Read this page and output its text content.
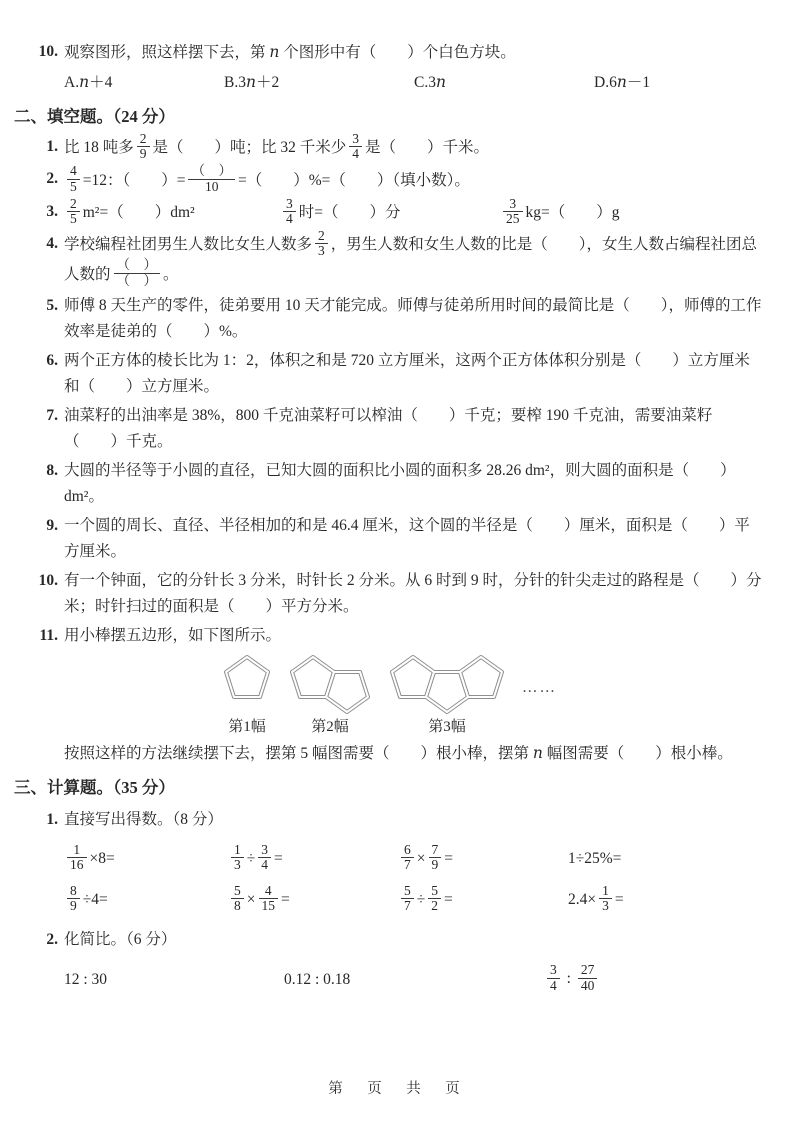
10. 观察图形，照这样摆下去，第 n 个图形中有（　　）个白色方块。

A.n＋4	B.3n＋2	C.3n	D.6n－1
二、填空题。（24 分）

1. 比 18 吨多 $\frac{2}{9}$ 是（　　）吨；比 32 千米少 $\frac{3}{4}$ 是（　　）千米。

2. $\frac{4}{5} =12$：（　　）= $\frac{( )}{10}$ =（　　）%=（　　）（填小数）。

3. $\frac{2}{5} m^2=$（　　）dm²	$\frac{3}{4}$ 时=（　　）分	$\frac{3}{25} kg=$（　　）g

4. 学校编程社团男生人数比女生人数多 $\frac{2}{3}$ ，男生人数和女生人数的比是（　　），女生人数占编程社团总人数的 $\frac{( )}{( )}$ 。

5. 师傅 8 天生产的零件，徒弟要用 10 天才能完成。师傅与徒弟所用时间的最简比是（　　），师傅的工作效率是徒弟的（　　）%。

6. 两个正方体的棱长比为 1：2，体积之和是 720 立方厘米，这两个正方体体积分别是（　　）立方厘米和（　　）立方厘米。

7. 油菜籽的出油率是 38%，800 千克油菜籽可以榨油（　　）千克；要榨 190 千克油，需要油菜籽（　　）千克。

8. 大圆的半径等于小圆的直径，已知大圆的面积比小圆的面积多 28.26 dm²，则大圆的面积是（　　）dm²。

9. 一个圆的周长、直径、半径相加的和是 46.4 厘米，这个圆的半径是（　　）厘米，面积是（　　）平方厘米。

10. 有一个钟面，它的分针长 3 分米，时针长 2 分米。从 6 时到 9 时，分针的针尖走过的路程是（　　）分米；时针扫过的面积是（　　）平方分米。

11. 用小棒摆五边形，如下图所示。

第1幅	第2幅	第3幅
……

按照这样的方法继续摆下去，摆第 5 幅图需要（　　）根小棒，摆第 n 幅图需要（　　）根小棒。

三、计算题。（35 分）

1. 直接写出得数。（8 分）

$\frac{1}{16} \times 8=$	$\frac{1}{3} \div \frac{3}{4}$ =	$\frac{6}{7} \times \frac{7}{9}$ =	1÷25%=
$\frac{8}{9} \div 4=$	$\frac{5}{8} \times \frac{4}{15}$ =	$\frac{5}{7} \div \frac{5}{2}$ =	$2.4\times \frac{1}{3}$ =

2. 化简比。（6 分）

12 : 30	0.12 : 0.18	$\frac{3}{4}$ : $\frac{27}{40}$
第　页　共　页
